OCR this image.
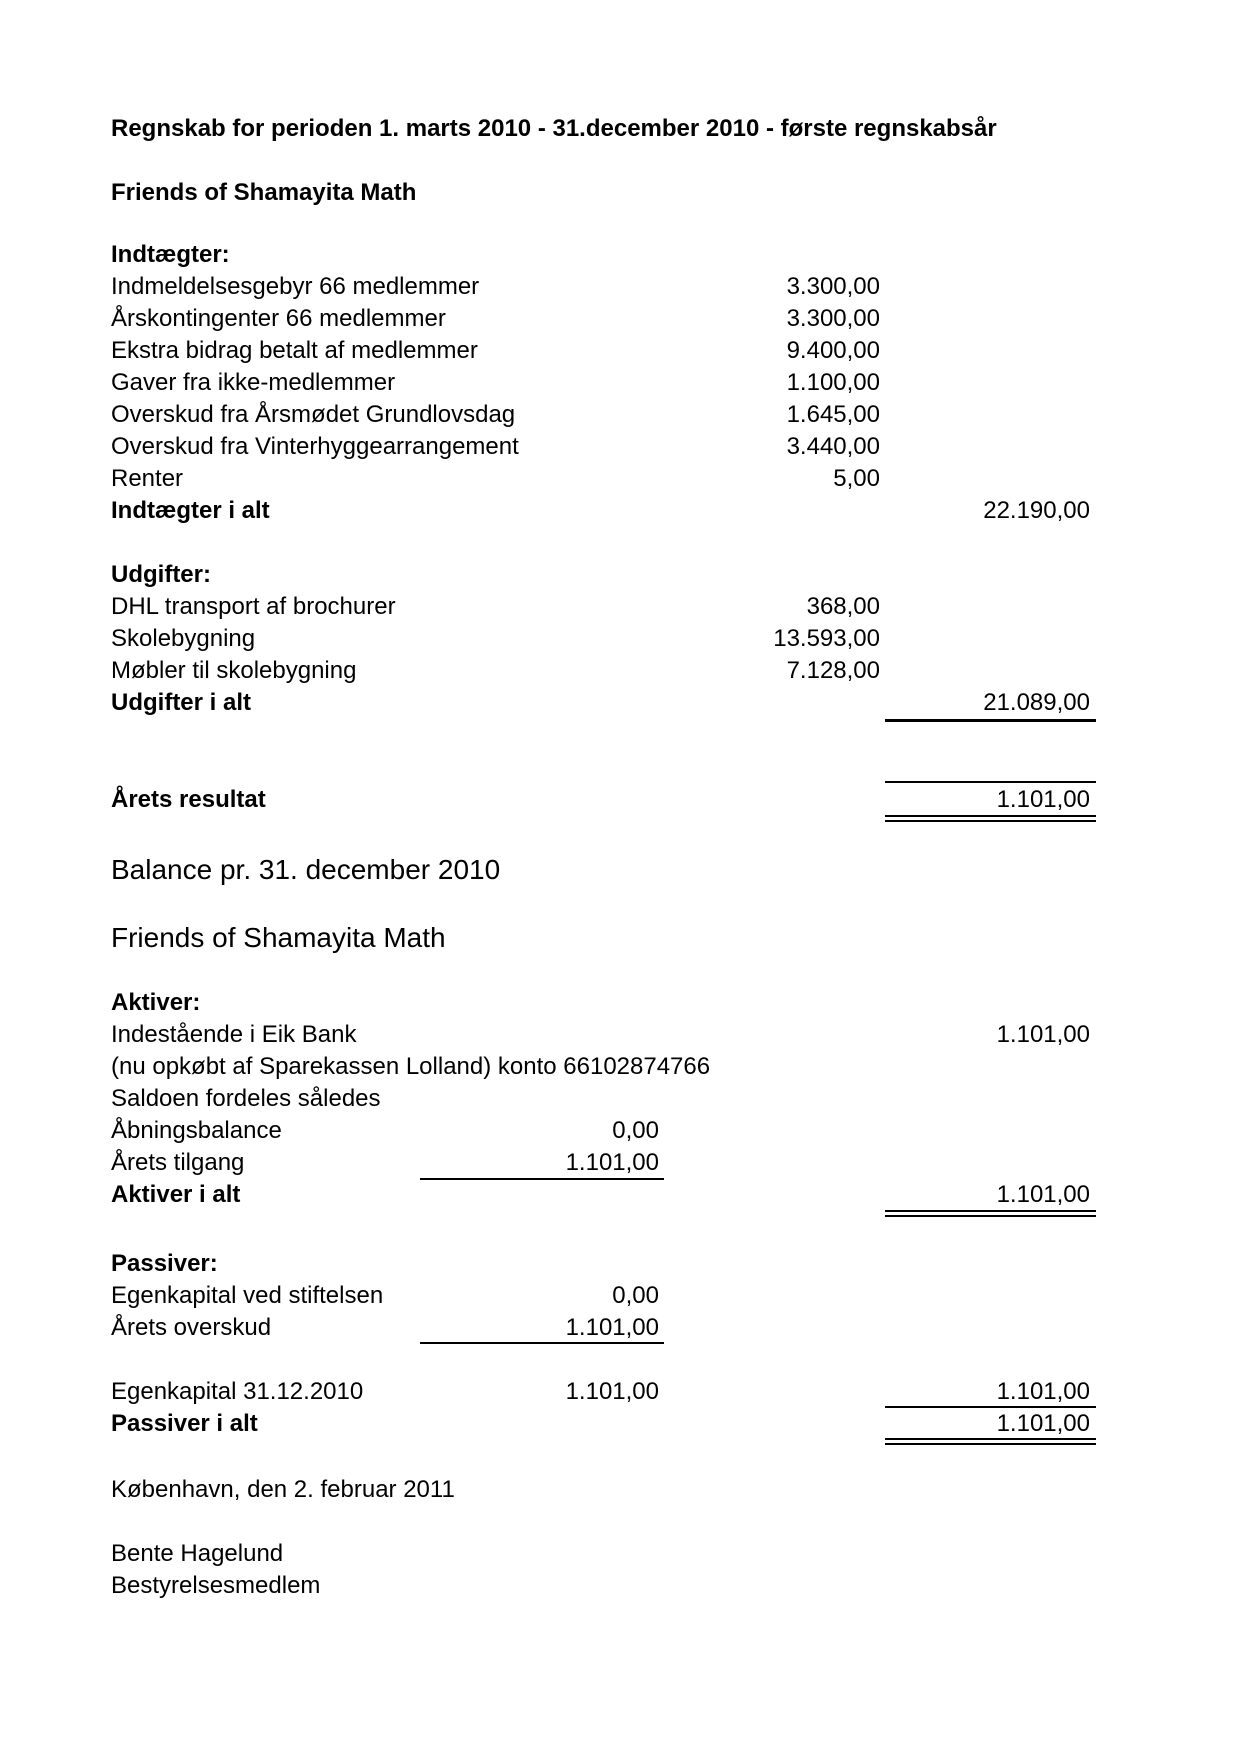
Regnskab for perioden 1. marts 2010 - 31.december 2010 - første regnskabsår
Friends of Shamayita Math
Indtægter:
Indmeldelsesgebyr 66 medlemmer	3.300,00
Årskontingenter 66 medlemmer	3.300,00
Ekstra bidrag betalt af medlemmer	9.400,00
Gaver fra ikke-medlemmer	1.100,00
Overskud fra Årsmødet Grundlovsdag	1.645,00
Overskud fra Vinterhyggearrangement	3.440,00
Renter	5,00
Indtægter i alt	22.190,00
Udgifter:
DHL transport af brochurer	368,00
Skolebygning	13.593,00
Møbler til skolebygning	7.128,00
Udgifter i alt	21.089,00
Årets resultat	1.101,00
Balance pr. 31. december 2010
Friends of Shamayita Math
Aktiver:
Indestående i Eik Bank	1.101,00
(nu opkøbt af Sparekassen Lolland) konto 66102874766
Saldoen fordeles således
Åbningsbalance	0,00
Årets tilgang	1.101,00
Aktiver i alt	1.101,00
Passiver:
Egenkapital ved stiftelsen	0,00
Årets overskud	1.101,00
Egenkapital 31.12.2010	1.101,00	1.101,00
Passiver i alt	1.101,00
København, den 2. februar 2011
Bente Hagelund
Bestyrelsesmedlem
